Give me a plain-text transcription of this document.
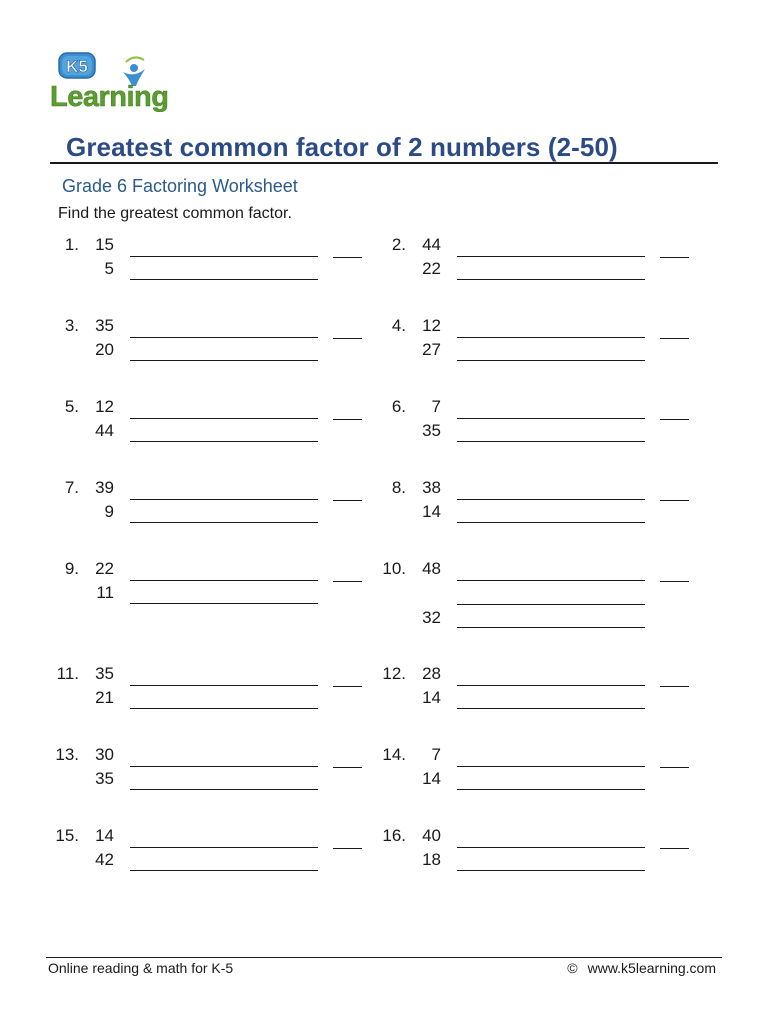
K5
Learning
Greatest common factor of 2 numbers (2-50)
Grade 6 Factoring Worksheet
Find the greatest common factor.
1. 15
5
2. 44
22
3. 35
20
4. 12
27
5. 12
44
6.	7
35
7. 39
9
8. 38
14
9. 22
11
10. 48
32
11. 35
21
12. 28
14
13. 30
35
14.	7
14
15. 14
42
16. 40
18
Online reading & math for K-5	© www.k5learning.com
